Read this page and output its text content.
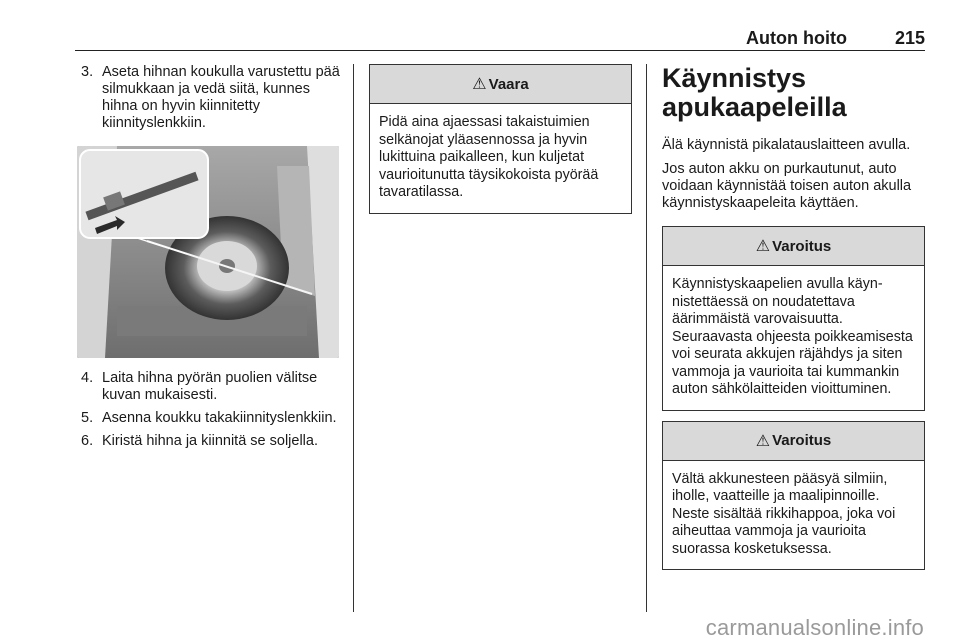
Auton hoito	215
3. Aseta hihnan koukulla varustettu pää silmukkaan ja vedä siitä, kunnes hihna on hyvin kiinnitetty kiinnityslenkkiin.
4. Laita hihna pyörän puolien välitse kuvan mukaisesti.
5. Asenna koukku takakiinnityslenkkiin.
6. Kiristä hihna ja kiinnitä se soljella.
⚠ Vaara
Pidä aina ajaessasi takaistuimien selkänojat yläasennossa ja hyvin lukittuina paikalleen, kun kuljetat vaurioitunutta täysikokoista pyörää tavaratilassa.
Käynnistys apukaapeleilla
Älä käynnistä pikalatauslaitteen avulla.
Jos auton akku on purkautunut, auto voidaan käynnistää toisen auton akulla käynnistyskaapeleita käyttäen.
⚠ Varoitus
Käynnistyskaapelien avulla käynnistettäessä on noudatettava äärimmäistä varovaisuutta. Seuraavasta ohjeesta poikkeamisesta voi seurata akkujen räjähdys ja siten vammoja ja vaurioita tai kummankin auton sähkölaitteiden vioittuminen.
⚠ Varoitus
Vältä akkunesteen pääsyä silmiin, iholle, vaatteille ja maalipinnoille. Neste sisältää rikkihappoa, joka voi aiheuttaa vammoja ja vaurioita suorassa kosketuksessa.
carmanualsonline.info
